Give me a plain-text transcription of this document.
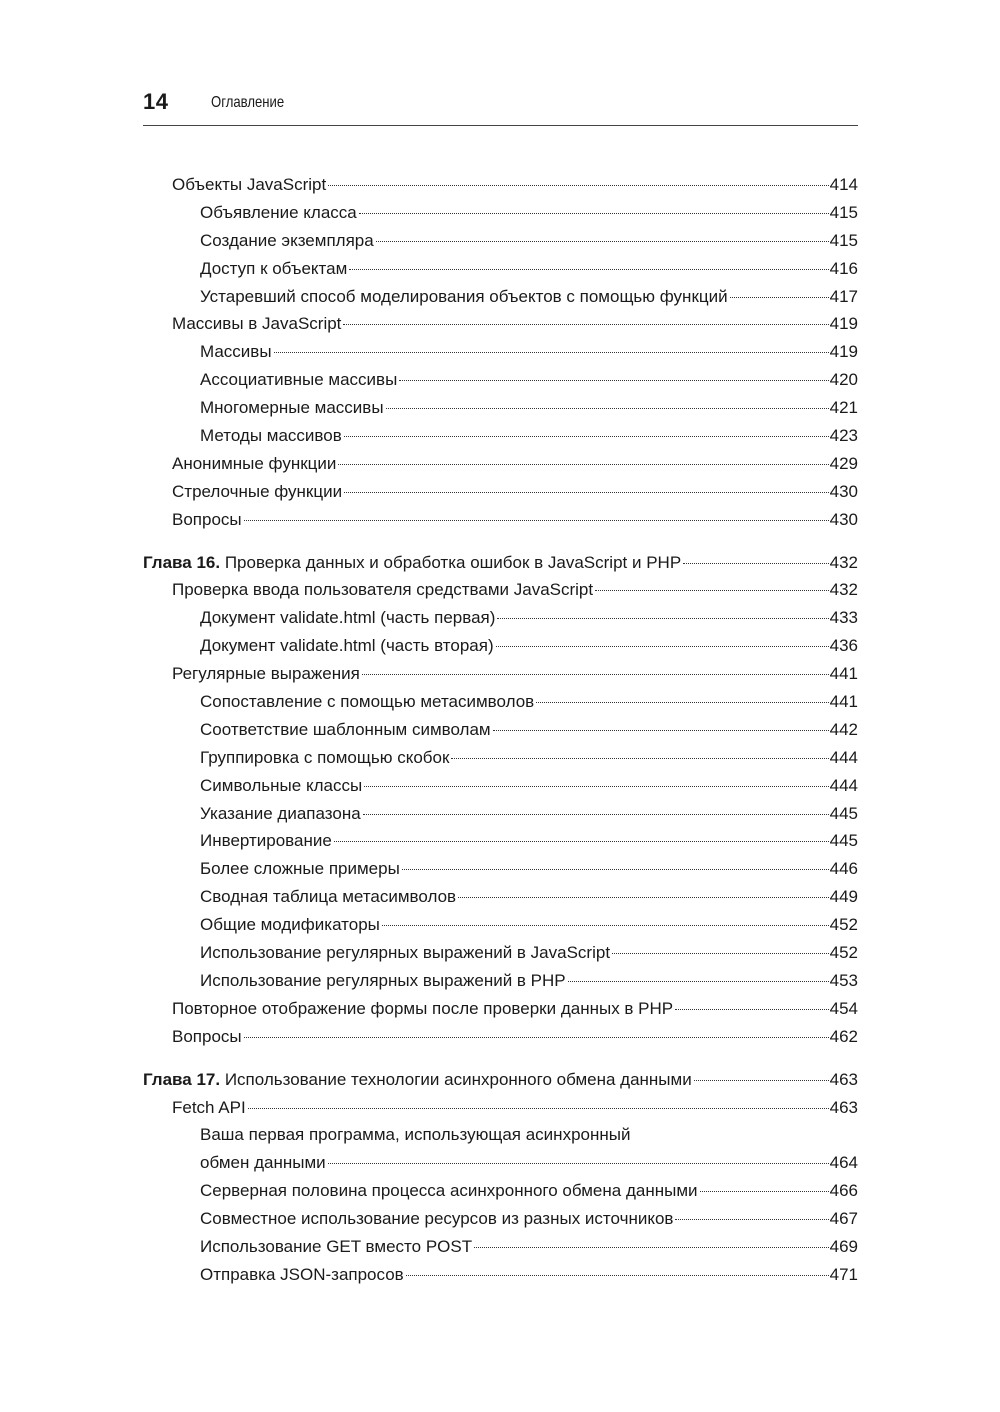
14	Оглавление
Объекты JavaScript	414
Объявление класса	415
Создание экземпляра	415
Доступ к объектам	416
Устаревший способ моделирования объектов с помощью функций	417
Массивы в JavaScript	419
Массивы	419
Ассоциативные массивы	420
Многомерные массивы	421
Методы массивов	423
Анонимные функции	429
Стрелочные функции	430
Вопросы	430
Глава 16. Проверка данных и обработка ошибок в JavaScript и PHP	432
Проверка ввода пользователя средствами JavaScript	432
Документ validate.html (часть первая)	433
Документ validate.html (часть вторая)	436
Регулярные выражения	441
Сопоставление с помощью метасимволов	441
Соответствие шаблонным символам	442
Группировка с помощью скобок	444
Символьные классы	444
Указание диапазона	445
Инвертирование	445
Более сложные примеры	446
Сводная таблица метасимволов	449
Общие модификаторы	452
Использование регулярных выражений в JavaScript	452
Использование регулярных выражений в PHP	453
Повторное отображение формы после проверки данных в PHP	454
Вопросы	462
Глава 17. Использование технологии асинхронного обмена данными	463
Fetch API	463
Ваша первая программа, использующая асинхронный
обмен данными	464
Серверная половина процесса асинхронного обмена данными	466
Совместное использование ресурсов из разных источников	467
Использование GET вместо POST	469
Отправка JSON-запросов	471
